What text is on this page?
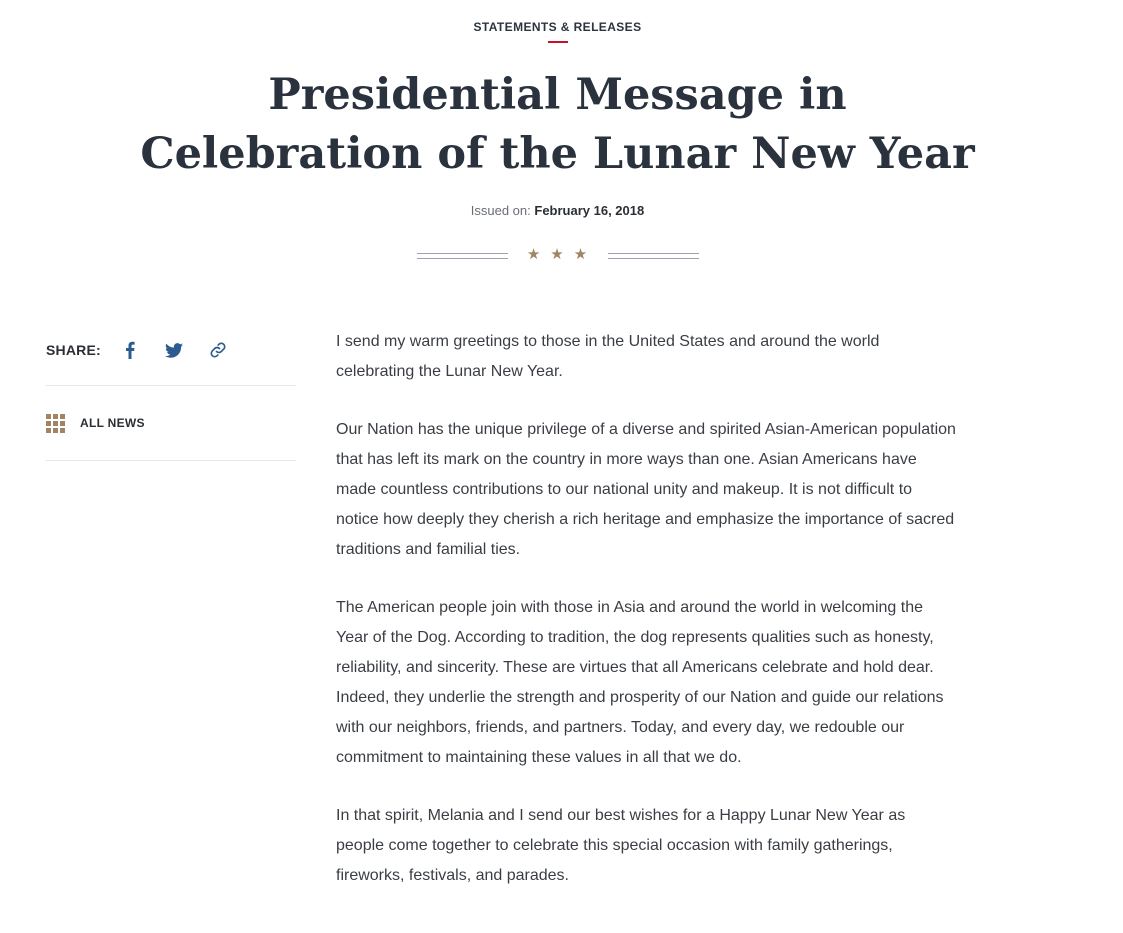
STATEMENTS & RELEASES
Presidential Message in
Celebration of the Lunar New Year
Issued on: February 16, 2018
★★★
SHARE:
ALL NEWS

I send my warm greetings to those in the United States and around the world celebrating the Lunar New Year.

Our Nation has the unique privilege of a diverse and spirited Asian-American population that has left its mark on the country in more ways than one. Asian Americans have made countless contributions to our national unity and makeup. It is not difficult to notice how deeply they cherish a rich heritage and emphasize the importance of sacred traditions and familial ties.

The American people join with those in Asia and around the world in welcoming the Year of the Dog. According to tradition, the dog represents qualities such as honesty, reliability, and sincerity. These are virtues that all Americans celebrate and hold dear. Indeed, they underlie the strength and prosperity of our Nation and guide our relations with our neighbors, friends, and partners. Today, and every day, we redouble our commitment to maintaining these values in all that we do.

In that spirit, Melania and I send our best wishes for a Happy Lunar New Year as people come together to celebrate this special occasion with family gatherings, fireworks, festivals, and parades.
